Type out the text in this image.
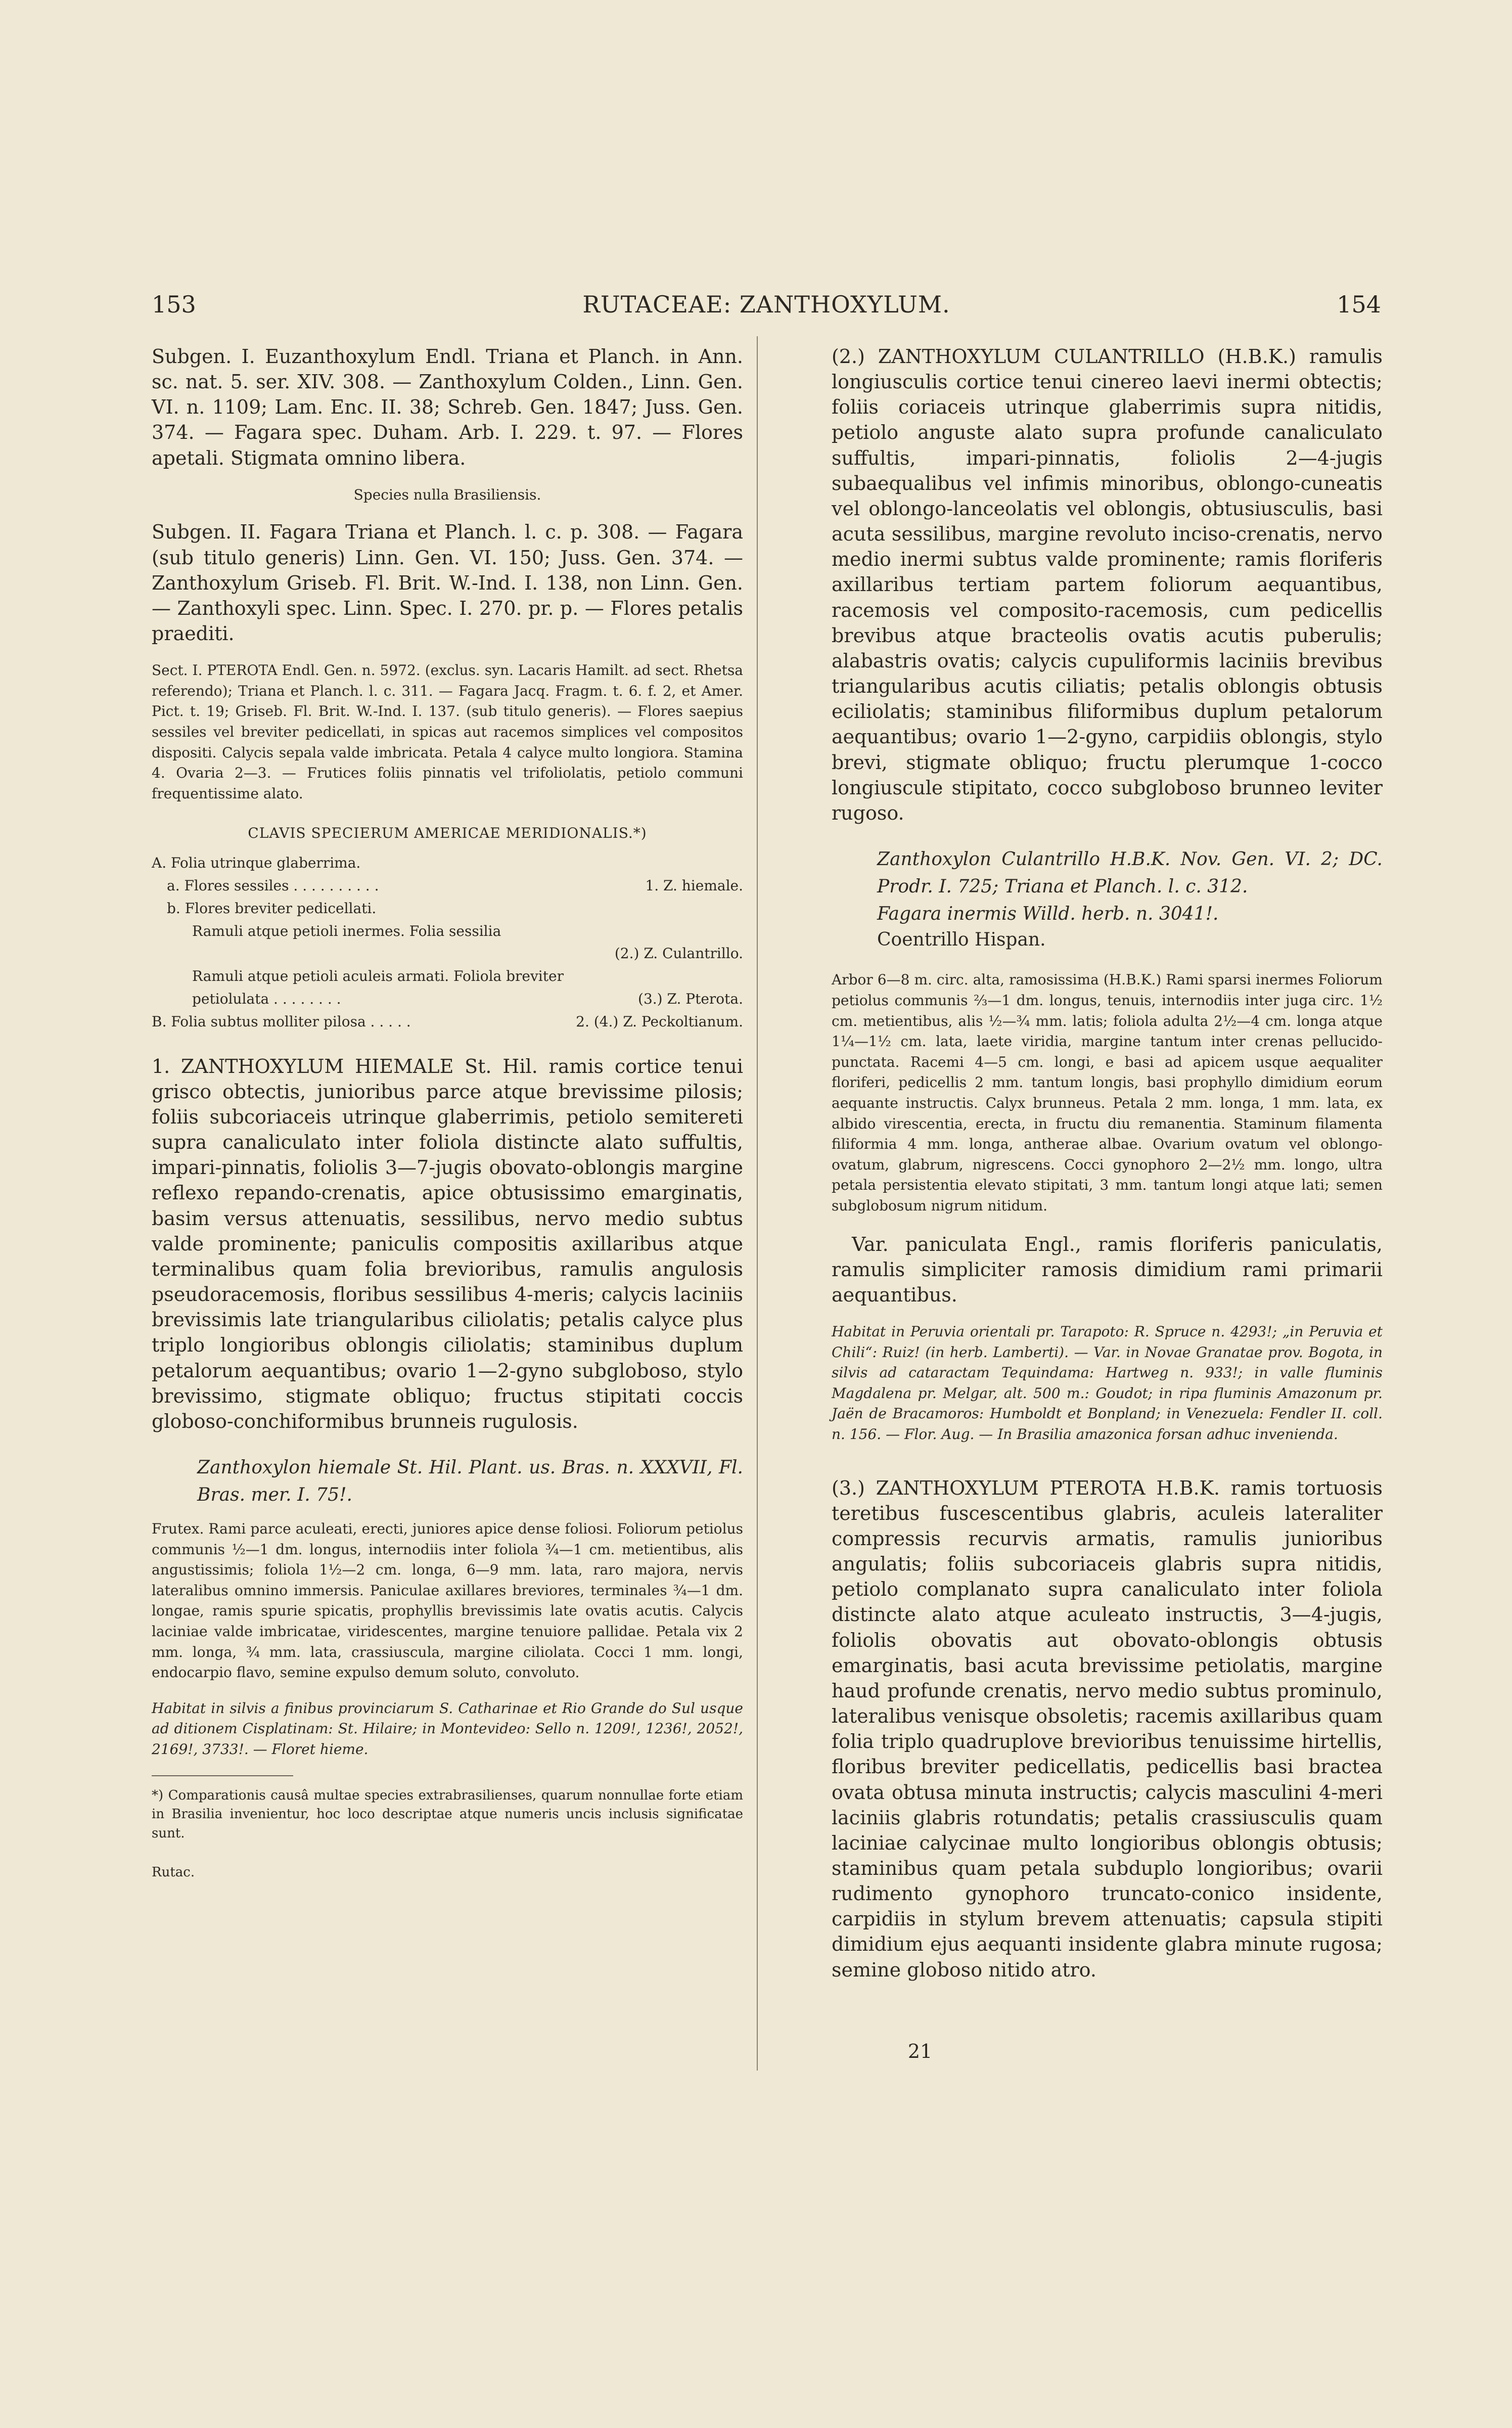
153	RUTACEAE: ZANTHOXYLUM.	154

Subgen. I. Euzanthoxylum Endl. Triana et Planch. in Ann. sc. nat. 5. ser. XIV. 308. — Zanthoxylum Colden., Linn. Gen. VI. n. 1109; Lam. Enc. II. 38; Schreb. Gen. 1847; Juss. Gen. 374. — Fagara spec. Duham. Arb. I. 229. t. 97. — Flores apetali. Stigmata omnino libera.

Species nulla Brasiliensis.

Subgen. II. Fagara Triana et Planch. l. c. p. 308. — Fagara (sub titulo generis) Linn. Gen. VI. 150; Juss. Gen. 374. — Zanthoxylum Griseb. Fl. Brit. W.-Ind. I. 138, non Linn. Gen. — Zanthoxyli spec. Linn. Spec. I. 270. pr. p. — Flores petalis praediti.

Sect. I. PTEROTA Endl. Gen. n. 5972. (exclus. syn. Lacaris Hamilt. ad sect. Rhetsa referendo); Triana et Planch. l. c. 311. — Fagara Jacq. Fragm. t. 6. f. 2, et Amer. Pict. t. 19; Griseb. Fl. Brit. W.-Ind. I. 137. (sub titulo generis). — Flores saepius sessiles vel breviter pedicellati, in spicas aut racemos simplices vel compositos dispositi. Calycis sepala valde imbricata. Petala 4 calyce multo longiora. Stamina 4. Ovaria 2—3. — Frutices foliis pinnatis vel trifoliolatis, petiolo communi frequentissime alato.

CLAVIS SPECIERUM AMERICAE MERIDIONALIS.*)
A. Folia utrinque glaberrima.
a. Flores sessiles . . . . . . . . . .	1. Z. hiemale.
b. Flores breviter pedicellati.
Ramuli atque petioli inermes. Folia sessilia
(2.) Z. Culantrillo.
Ramuli atque petioli aculeis armati. Foliola breviter
petiolulata . . . . . . . .	(3.) Z. Pterota.
B. Folia subtus molliter pilosa . . . . .	2. (4.) Z. Peckoltianum.

1. ZANTHOXYLUM HIEMALE St. Hil. ramis cortice tenui grisco obtectis, junioribus parce atque brevissime pilosis; foliis subcoriaceis utrinque glaberrimis, petiolo semitereti supra canaliculato inter foliola distincte alato suffultis, impari-pinnatis, foliolis 3—7-jugis obovato-oblongis margine reflexo repando-crenatis, apice obtusissimo emarginatis, basim versus attenuatis, sessilibus, nervo medio subtus valde prominente; paniculis compositis axillaribus atque terminalibus quam folia brevioribus, ramulis angulosis pseudoracemosis, floribus sessilibus 4-meris; calycis laciniis brevissimis late triangularibus ciliolatis; petalis calyce plus triplo longioribus oblongis ciliolatis; staminibus duplum petalorum aequantibus; ovario 1—2-gyno subgloboso, stylo brevissimo, stigmate obliquo; fructus stipitati coccis globoso-conchiformibus brunneis rugulosis.

Zanthoxylon hiemale St. Hil. Plant. us. Bras. n. XXXVII, Fl. Bras. mer. I. 75!.

Frutex. Rami parce aculeati, erecti, juniores apice dense foliosi. Foliorum petiolus communis ½—1 dm. longus, internodiis inter foliola ¾—1 cm. metientibus, alis angustissimis; foliola 1½—2 cm. longa, 6—9 mm. lata, raro majora, nervis lateralibus omnino immersis. Paniculae axillares breviores, terminales ¾—1 dm. longae, ramis spurie spicatis, prophyllis brevissimis late ovatis acutis. Calycis laciniae valde imbricatae, viridescentes, margine tenuiore pallidae. Petala vix 2 mm. longa, ¾ mm. lata, crassiuscula, margine ciliolata. Cocci 1 mm. longi, endocarpio flavo, semine expulso demum soluto, convoluto.

Habitat in silvis a finibus provinciarum S. Catharinae et Rio Grande do Sul usque ad ditionem Cisplatinam: St. Hilaire; in Montevideo: Sello n. 1209!, 1236!, 2052!, 2169!, 3733!. — Floret hieme.

*) Comparationis causâ multae species extrabrasilienses, quarum nonnullae forte etiam in Brasilia invenientur, hoc loco descriptae atque numeris uncis inclusis significatae sunt.

Rutac.

(2.) ZANTHOXYLUM CULANTRILLO (H.B.K.) ramulis longiusculis cortice tenui cinereo laevi inermi obtectis; foliis coriaceis utrinque glaberrimis supra nitidis, petiolo anguste alato supra profunde canaliculato suffultis, impari-pinnatis, foliolis 2—4-jugis subaequalibus vel infimis minoribus, oblongo-cuneatis vel oblongo-lanceolatis vel oblongis, obtusiusculis, basi acuta sessilibus, margine revoluto inciso-crenatis, nervo medio inermi subtus valde prominente; ramis floriferis axillaribus tertiam partem foliorum aequantibus, racemosis vel composito-racemosis, cum pedicellis brevibus atque bracteolis ovatis acutis puberulis; alabastris ovatis; calycis cupuliformis laciniis brevibus triangularibus acutis ciliatis; petalis oblongis obtusis eciliolatis; staminibus filiformibus duplum petalorum aequantibus; ovario 1—2-gyno, carpidiis oblongis, stylo brevi, stigmate obliquo; fructu plerumque 1-cocco longiuscule stipitato, cocco subgloboso brunneo leviter rugoso.

Zanthoxylon Culantrillo H.B.K. Nov. Gen. VI. 2; DC. Prodr. I. 725; Triana et Planch. l. c. 312.

Fagara inermis Willd. herb. n. 3041!.

Coentrillo Hispan.

Arbor 6—8 m. circ. alta, ramosissima (H.B.K.) Rami sparsi inermes Foliorum petiolus communis ⅔—1 dm. longus, tenuis, internodiis inter juga circ. 1½ cm. metientibus, alis ½—¾ mm. latis; foliola adulta 2½—4 cm. longa atque 1¼—1½ cm. lata, laete viridia, margine tantum inter crenas pellucido-punctata. Racemi 4—5 cm. longi, e basi ad apicem usque aequaliter floriferi, pedicellis 2 mm. tantum longis, basi prophyllo dimidium eorum aequante instructis. Calyx brunneus. Petala 2 mm. longa, 1 mm. lata, ex albido virescentia, erecta, in fructu diu remanentia. Staminum filamenta filiformia 4 mm. longa, antherae albae. Ovarium ovatum vel oblongo-ovatum, glabrum, nigrescens. Cocci gynophoro 2—2½ mm. longo, ultra petala persistentia elevato stipitati, 3 mm. tantum longi atque lati; semen subglobosum nigrum nitidum.

Var. paniculata Engl., ramis floriferis paniculatis, ramulis simpliciter ramosis dimidium rami primarii aequantibus.

Habitat in Peruvia orientali pr. Tarapoto: R. Spruce n. 4293!; „in Peruvia et Chili“: Ruiz! (in herb. Lamberti). — Var. in Novae Granatae prov. Bogota, in silvis ad cataractam Tequindama: Hartweg n. 933!; in valle fluminis Magdalena pr. Melgar, alt. 500 m.: Goudot; in ripa fluminis Amazonum pr. Jaën de Bracamoros: Humboldt et Bonpland; in Venezuela: Fendler II. coll. n. 156. — Flor. Aug. — In Brasilia amazonica forsan adhuc invenienda.

(3.) ZANTHOXYLUM PTEROTA H.B.K. ramis tortuosis teretibus fuscescentibus glabris, aculeis lateraliter compressis recurvis armatis, ramulis junioribus angulatis; foliis subcoriaceis glabris supra nitidis, petiolo complanato supra canaliculato inter foliola distincte alato atque aculeato instructis, 3—4-jugis, foliolis obovatis aut obovato-oblongis obtusis emarginatis, basi acuta brevissime petiolatis, margine haud profunde crenatis, nervo medio subtus prominulo, lateralibus venisque obsoletis; racemis axillaribus quam folia triplo quadruplove brevioribus tenuissime hirtellis, floribus breviter pedicellatis, pedicellis basi bractea ovata obtusa minuta instructis; calycis masculini 4-meri laciniis glabris rotundatis; petalis crassiusculis quam laciniae calycinae multo longioribus oblongis obtusis; staminibus quam petala subduplo longioribus; ovarii rudimento gynophoro truncato-conico insidente, carpidiis in stylum brevem attenuatis; capsula stipiti dimidium ejus aequanti insidente glabra minute rugosa; semine globoso nitido atro.

21
